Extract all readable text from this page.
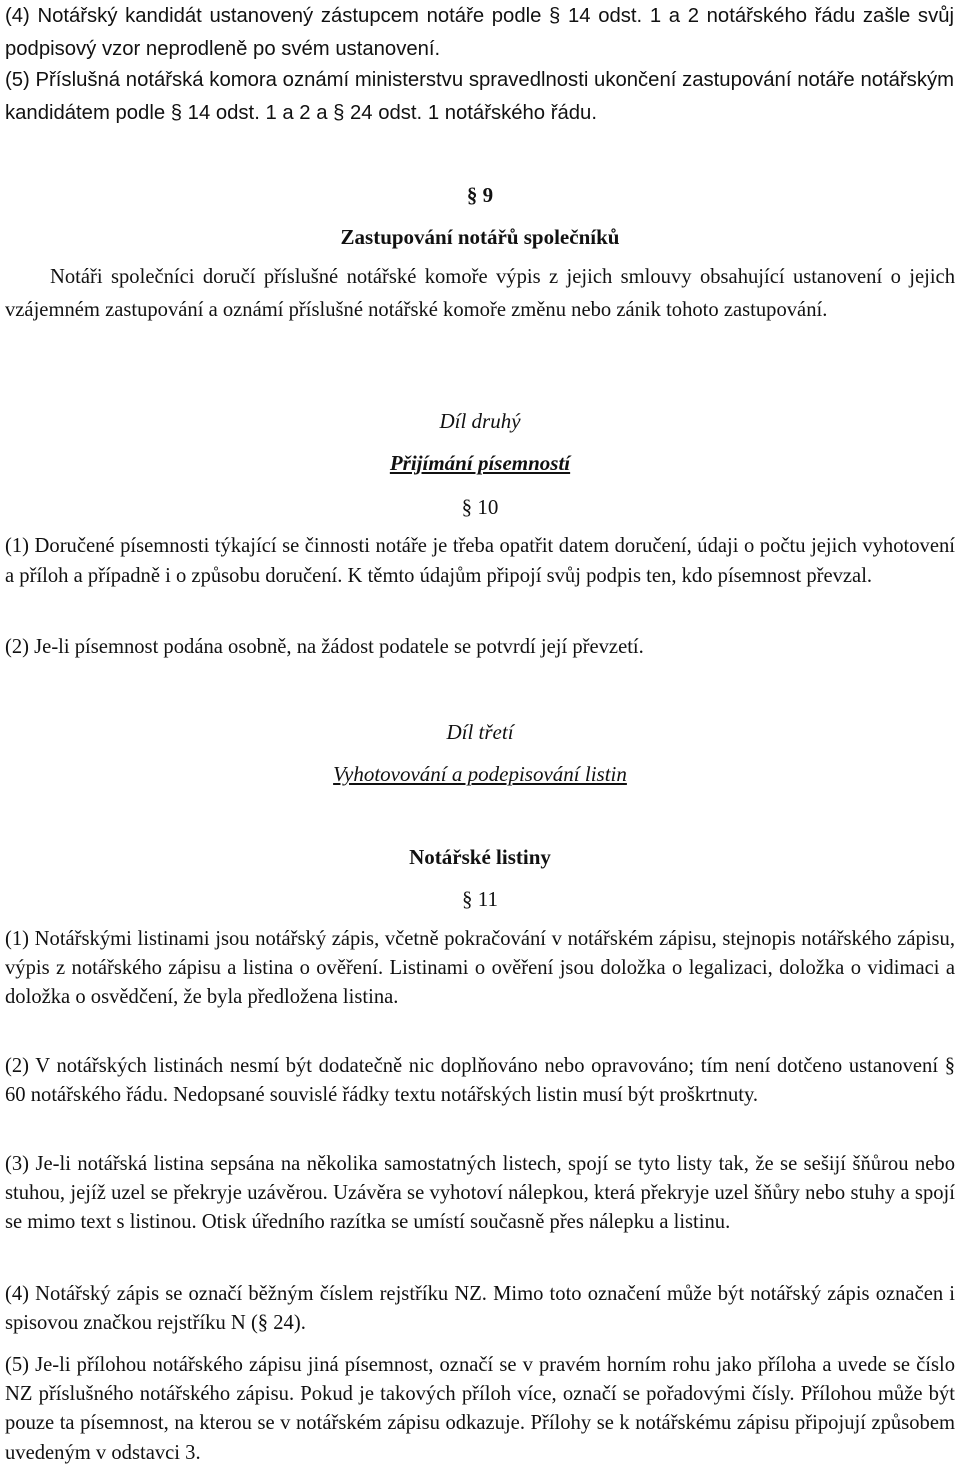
(4) Notářský kandidát ustanovený zástupcem notáře podle § 14 odst. 1 a 2 notářského řádu zašle svůj podpisový vzor neprodleně po svém ustanovení.

(5) Příslušná notářská komora oznámí ministerstvu spravedlnosti ukončení zastupování notáře notářským kandidátem podle § 14 odst. 1 a 2 a § 24 odst. 1 notářského řádu.

§ 9
Zastupování notářů společníků

Notáři společníci doručí příslušné notářské komoře výpis z jejich smlouvy obsahující ustanovení o jejich vzájemném zastupování a oznámí příslušné notářské komoře změnu nebo zánik tohoto zastupování.

Díl druhý
Přijímání písemností
§ 10

(1) Doručené písemnosti týkající se činnosti notáře je třeba opatřit datem doručení, údaji o počtu jejich vyhotovení a příloh a případně i o způsobu doručení. K těmto údajům připojí svůj podpis ten, kdo písemnost převzal.

(2) Je-li písemnost podána osobně, na žádost podatele se potvrdí její převzetí.

Díl třetí
Vyhotovování a podepisování listin
Notářské listiny
§ 11

(1) Notářskými listinami jsou notářský zápis, včetně pokračování v notářském zápisu, stejnopis notářského zápisu, výpis z notářského zápisu a listina o ověření. Listinami o ověření jsou doložka o legalizaci, doložka o vidimaci a doložka o osvědčení, že byla předložena listina.

(2) V notářských listinách nesmí být dodatečně nic doplňováno nebo opravováno; tím není dotčeno ustanovení § 60 notářského řádu. Nedopsané souvislé řádky textu notářských listin musí být proškrtnuty.

(3) Je-li notářská listina sepsána na několika samostatných listech, spojí se tyto listy tak, že se sešijí šňůrou nebo stuhou, jejíž uzel se překryje uzávěrou. Uzávěra se vyhotoví nálepkou, která překryje uzel šňůry nebo stuhy a spojí se mimo text s listinou. Otisk úředního razítka se umístí současně přes nálepku a listinu.

(4) Notářský zápis se označí běžným číslem rejstříku NZ. Mimo toto označení může být notářský zápis označen i spisovou značkou rejstříku N (§ 24).

(5) Je-li přílohou notářského zápisu jiná písemnost, označí se v pravém horním rohu jako příloha a uvede se číslo NZ příslušného notářského zápisu. Pokud je takových příloh více, označí se pořadovými čísly. Přílohou může být pouze ta písemnost, na kterou se v notářském zápisu odkazuje. Přílohy se k notářskému zápisu připojují způsobem uvedeným v odstavci 3.
